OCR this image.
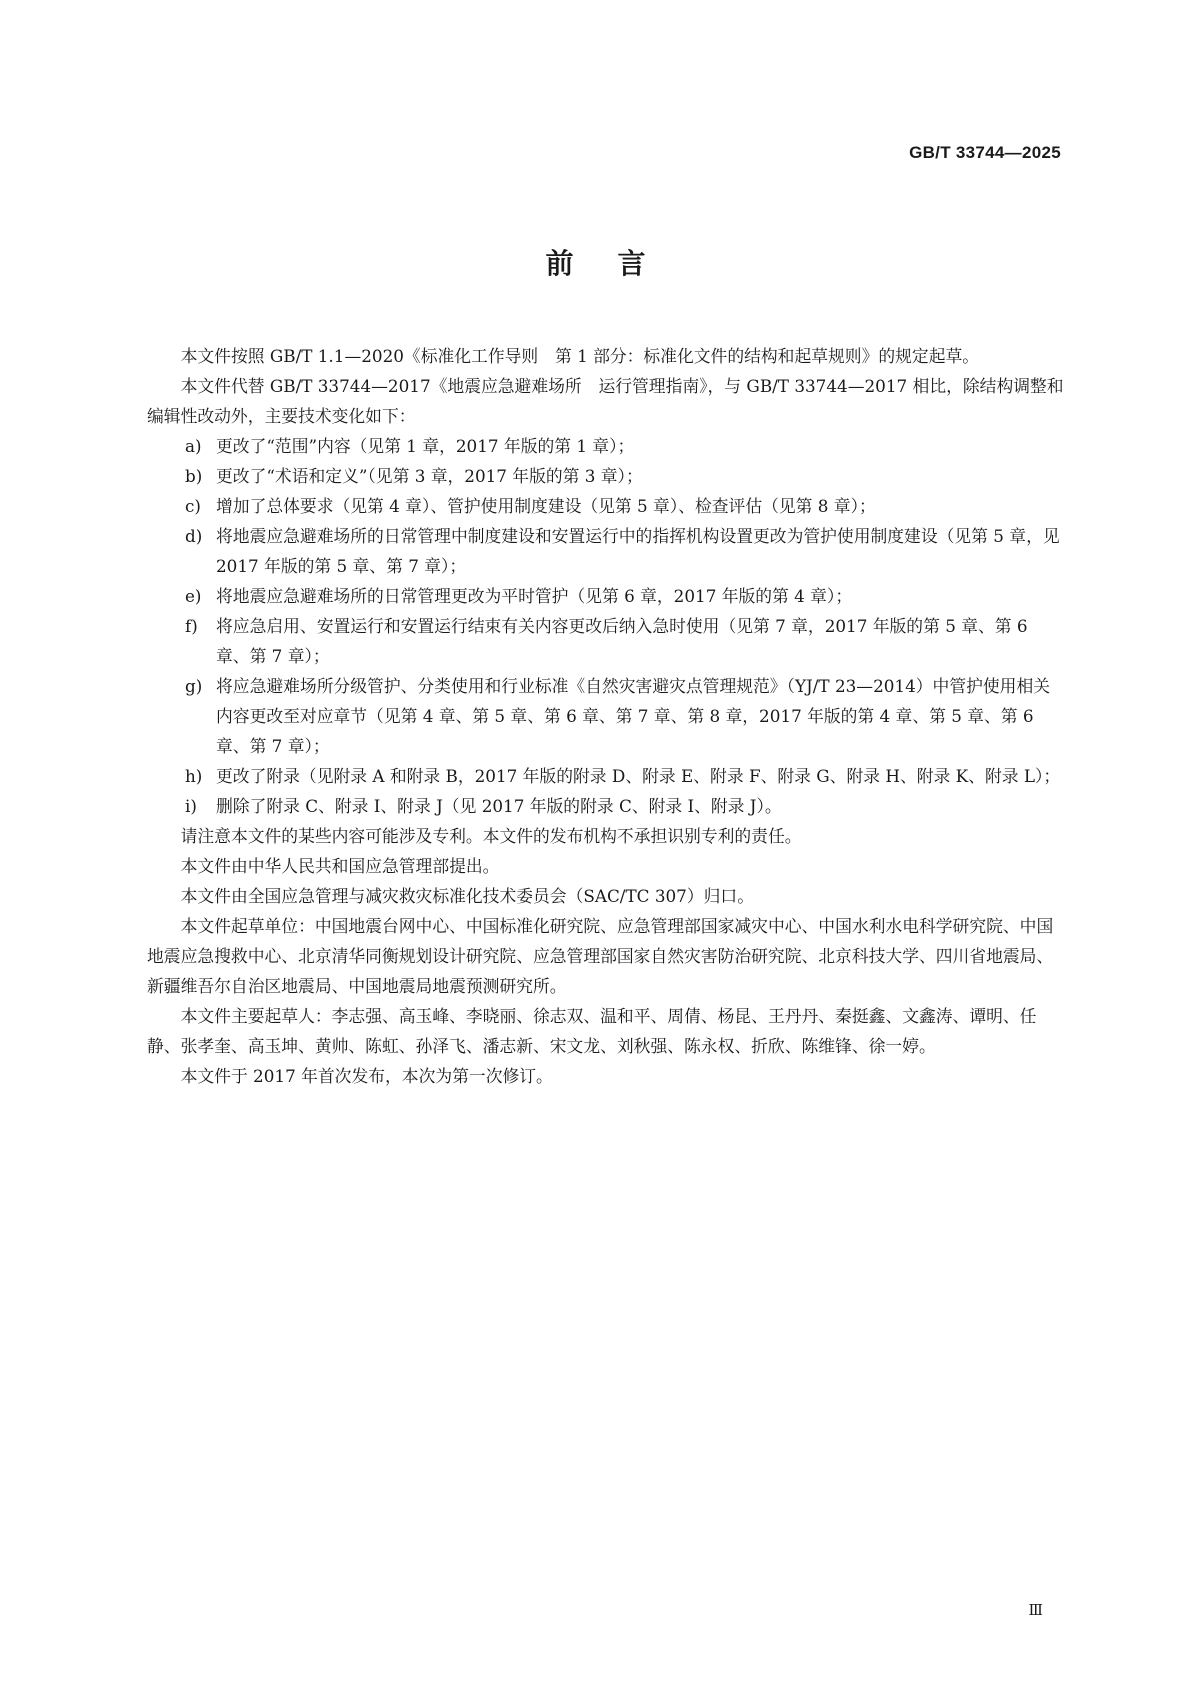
GB/T 33744—2025
前言

本文件按照 GB/T 1.1—2020《标准化工作导则　第 1 部分：标准化文件的结构和起草规则》的规定起草。

本文件代替 GB/T 33744—2017《地震应急避难场所　运行管理指南》，与 GB/T 33744—2017 相比，除结构调整和编辑性改动外，主要技术变化如下：

a) 更改了“范围”内容（见第 1 章，2017 年版的第 1 章）；
b) 更改了“术语和定义”（见第 3 章，2017 年版的第 3 章）；
c) 增加了总体要求（见第 4 章）、管护使用制度建设（见第 5 章）、检查评估（见第 8 章）；
d) 将地震应急避难场所的日常管理中制度建设和安置运行中的指挥机构设置更改为管护使用制度建设（见第 5 章，见 2017 年版的第 5 章、第 7 章）；
e) 将地震应急避难场所的日常管理更改为平时管护（见第 6 章，2017 年版的第 4 章）；
f) 将应急启用、安置运行和安置运行结束有关内容更改后纳入急时使用（见第 7 章，2017 年版的第 5 章、第 6 章、第 7 章）；
g) 将应急避难场所分级管护、分类使用和行业标准《自然灾害避灾点管理规范》（YJ/T 23—2014）中管护使用相关内容更改至对应章节（见第 4 章、第 5 章、第 6 章、第 7 章、第 8 章，2017 年版的第 4 章、第 5 章、第 6 章、第 7 章）；
h) 更改了附录（见附录 A 和附录 B，2017 年版的附录 D、附录 E、附录 F、附录 G、附录 H、附录 K、附录 L）；
i) 删除了附录 C、附录 I、附录 J（见 2017 年版的附录 C、附录 I、附录 J）。

请注意本文件的某些内容可能涉及专利。本文件的发布机构不承担识别专利的责任。

本文件由中华人民共和国应急管理部提出。

本文件由全国应急管理与减灾救灾标准化技术委员会（SAC/TC 307）归口。

本文件起草单位：中国地震台网中心、中国标准化研究院、应急管理部国家减灾中心、中国水利水电科学研究院、中国地震应急搜救中心、北京清华同衡规划设计研究院、应急管理部国家自然灾害防治研究院、北京科技大学、四川省地震局、新疆维吾尔自治区地震局、中国地震局地震预测研究所。

本文件主要起草人：李志强、高玉峰、李晓丽、徐志双、温和平、周倩、杨昆、王丹丹、秦挺鑫、文鑫涛、谭明、任静、张孝奎、高玉坤、黄帅、陈虹、孙泽飞、潘志新、宋文龙、刘秋强、陈永权、折欣、陈维锋、徐一婷。

本文件于 2017 年首次发布，本次为第一次修订。

Ⅲ
